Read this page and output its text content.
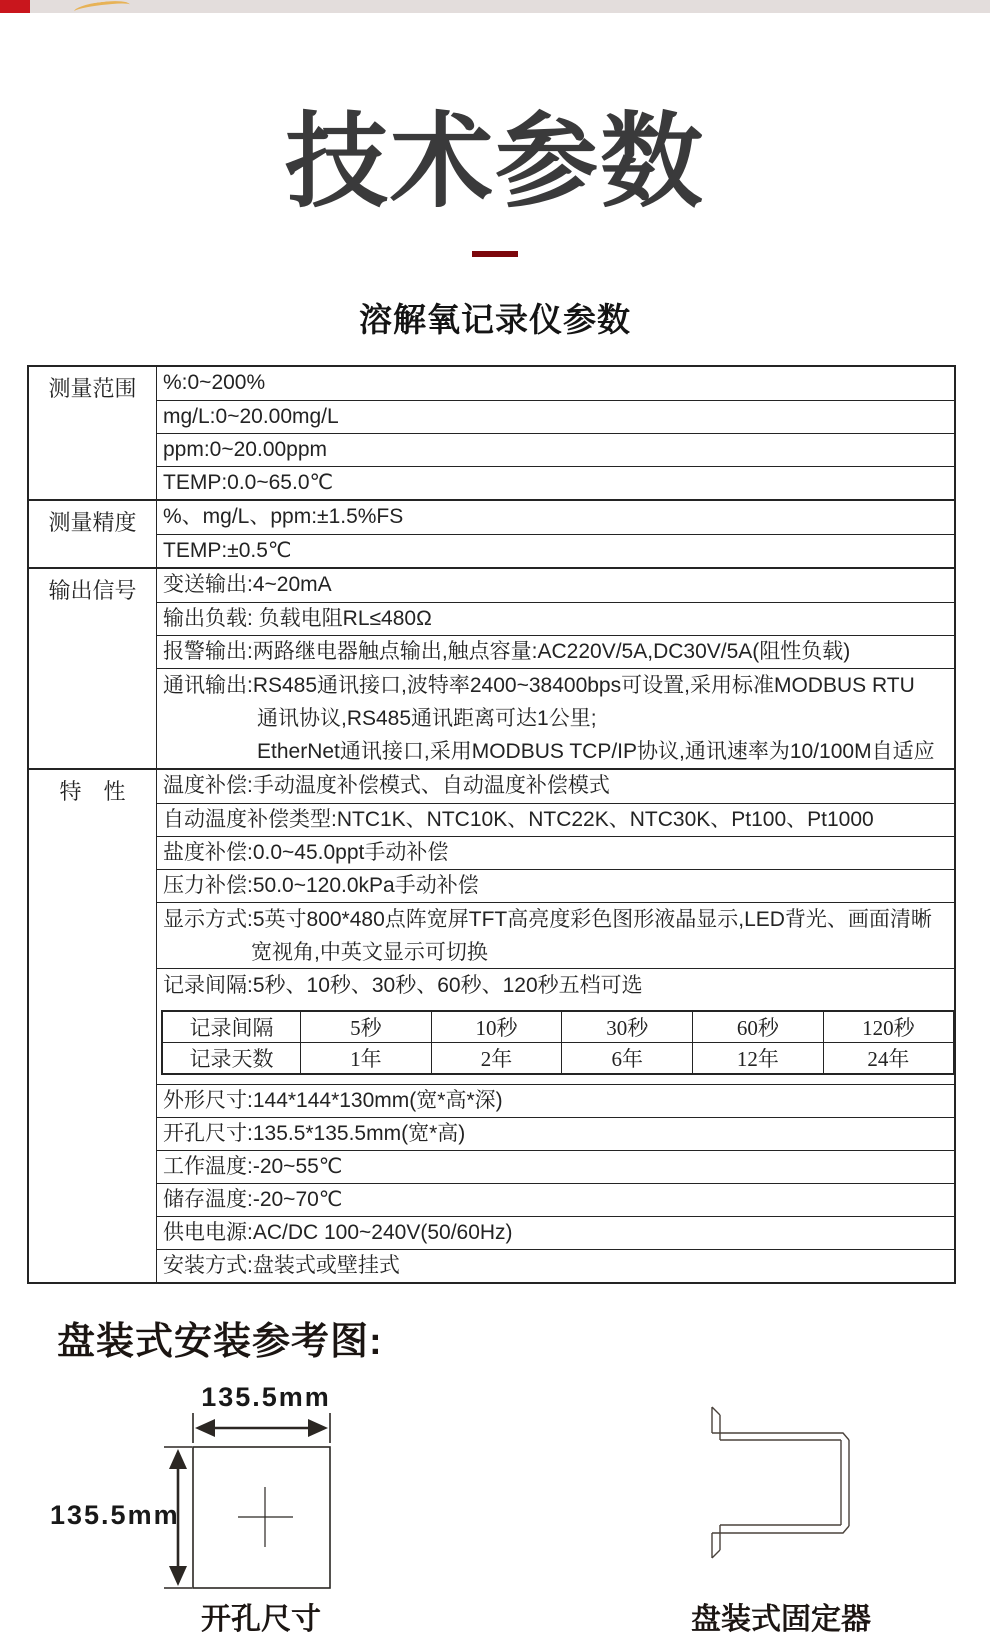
技术参数
溶解氧记录仪参数
测量范围	%:0~200%
mg/L:0~20.00mg/L
ppm:0~20.00ppm
TEMP:0.0~65.0℃
测量精度	%、mg/L、ppm:±1.5%FS
TEMP:±0.5℃
输出信号	变送输出:4~20mA
输出负载: 负载电阻RL≤480Ω
报警输出:两路继电器触点输出,触点容量:AC220V/5A,DC30V/5A(阻性负载)
通讯输出:RS485通讯接口,波特率2400~38400bps可设置,采用标准MODBUS RTU
通讯协议,RS485通讯距离可达1公里;
EtherNet通讯接口,采用MODBUS TCP/IP协议,通讯速率为10/100M自适应
特　性	温度补偿:手动温度补偿模式、自动温度补偿模式
自动温度补偿类型:NTC1K、NTC10K、NTC22K、NTC30K、Pt100、Pt1000
盐度补偿:0.0~45.0ppt手动补偿
压力补偿:50.0~120.0kPa手动补偿
显示方式:5英寸800*480点阵宽屏TFT高亮度彩色图形液晶显示,LED背光、画面清晰
宽视角,中英文显示可切换
记录间隔:5秒、10秒、30秒、60秒、120秒五档可选
记录间隔	5秒	10秒	30秒	60秒	120秒
记录天数	1年	2年	6年	12年	24年
外形尺寸:144*144*130mm(宽*高*深)
开孔尺寸:135.5*135.5mm(宽*高)
工作温度:-20~55℃
储存温度:-20~70℃
供电电源:AC/DC 100~240V(50/60Hz)
安装方式:盘装式或壁挂式
盘装式安装参考图:
135.5mm
135.5mm
开孔尺寸	盘装式固定器
